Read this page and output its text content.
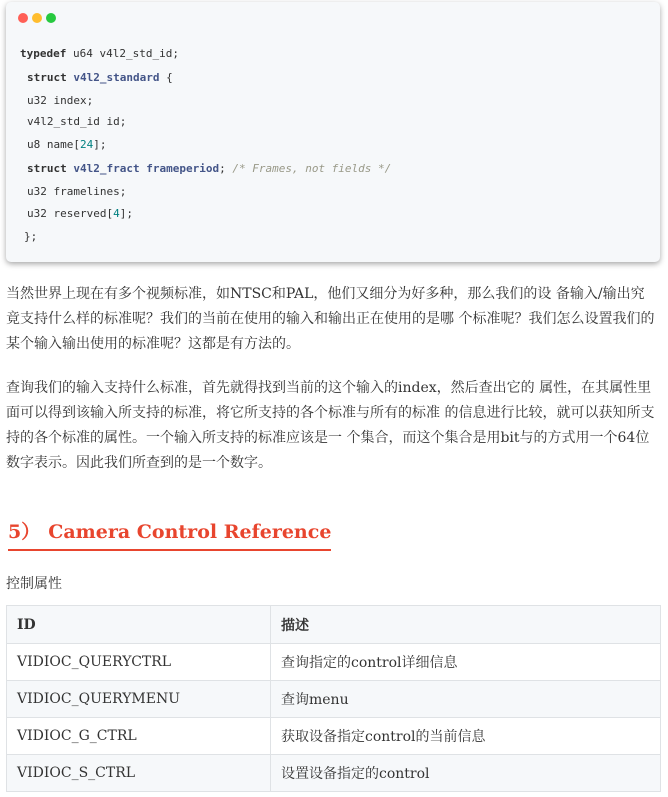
typedef u64 v4l2_std_id;
struct v4l2_standard {
u32 index;
v4l2_std_id id;
u8 name[24];
struct v4l2_fract frameperiod; /* Frames, not fields */
u32 framelines;
u32 reserved[4];
};

当然世界上现在有多个视频标准，如NTSC和PAL，他们又细分为好多种，那么我们的设 备输入/输出究竟支持什么样的标准呢？我们的当前在使用的输入和输出正在使用的是哪 个标准呢？我们怎么设置我们的某个输入输出使用的标准呢？这都是有方法的。

查询我们的输入支持什么标准，首先就得找到当前的这个输入的index，然后查出它的 属性，在其属性里面可以得到该输入所支持的标准，将它所支持的各个标准与所有的标准 的信息进行比较，就可以获知所支持的各个标准的属性。一个输入所支持的标准应该是一 个集合，而这个集合是用bit与的方式用一个64位数字表示。因此我们所查到的是一个数字。

5） Camera Control Reference

控制属性

ID	描述
VIDIOC_QUERYCTRL	查询指定的control详细信息
VIDIOC_QUERYMENU	查询menu
VIDIOC_G_CTRL	获取设备指定control的当前信息
VIDIOC_S_CTRL	设置设备指定的control
